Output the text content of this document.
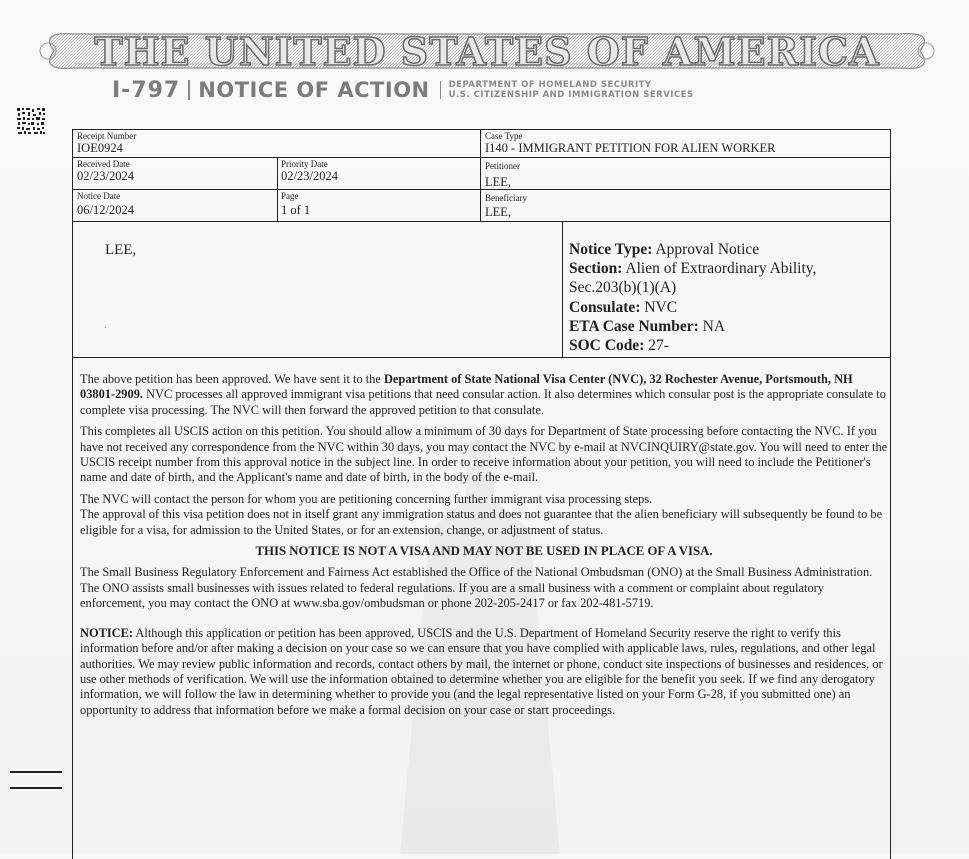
THE UNITED STATES OF AMERICA
I-797 NOTICE OF ACTION DEPARTMENT OF HOMELAND SECURITY
U.S. CITIZENSHIP AND IMMIGRATION SERVICES
Receipt Number
IOE0924
Case Type
I140 - IMMIGRANT PETITION FOR ALIEN WORKER
Received Date
02/23/2024
Priority Date
02/23/2024
Petitioner
LEE,
Notice Date
06/12/2024
Page
1 of 1
Beneficiary
LEE,
LEE,
.
Notice Type: Approval Notice
Section: Alien of Extraordinary Ability, Sec.203(b)(1)(A)
Consulate: NVC
ETA Case Number: NA
SOC Code: 27-

The above petition has been approved. We have sent it to the Department of State National Visa Center (NVC), 32 Rochester Avenue, Portsmouth, NH 03801-2909. NVC processes all approved immigrant visa petitions that need consular action. It also determines which consular post is the appropriate consulate to complete visa processing. The NVC will then forward the approved petition to that consulate.

This completes all USCIS action on this petition. You should allow a minimum of 30 days for Department of State processing before contacting the NVC. If you have not received any correspondence from the NVC within 30 days, you may contact the NVC by e-mail at NVCINQUIRY@state.gov. You will need to enter the USCIS receipt number from this approval notice in the subject line. In order to receive information about your petition, you will need to include the Petitioner's name and date of birth, and the Applicant's name and date of birth, in the body of the e-mail.

The NVC will contact the person for whom you are petitioning concerning further immigrant visa processing steps.

The approval of this visa petition does not in itself grant any immigration status and does not guarantee that the alien beneficiary will subsequently be found to be eligible for a visa, for admission to the United States, or for an extension, change, or adjustment of status.

THIS NOTICE IS NOT A VISA AND MAY NOT BE USED IN PLACE OF A VISA.

The Small Business Regulatory Enforcement and Fairness Act established the Office of the National Ombudsman (ONO) at the Small Business Administration. The ONO assists small businesses with issues related to federal regulations. If you are a small business with a comment or complaint about regulatory enforcement, you may contact the ONO at www.sba.gov/ombudsman or phone 202-205-2417 or fax 202-481-5719.

NOTICE: Although this application or petition has been approved, USCIS and the U.S. Department of Homeland Security reserve the right to verify this information before and/or after making a decision on your case so we can ensure that you have complied with applicable laws, rules, regulations, and other legal authorities. We may review public information and records, contact others by mail, the internet or phone, conduct site inspections of businesses and residences, or use other methods of verification. We will use the information obtained to determine whether you are eligible for the benefit you seek. If we find any derogatory information, we will follow the law in determining whether to provide you (and the legal representative listed on your Form G-28, if you submitted one) an opportunity to address that information before we make a formal decision on your case or start proceedings.
